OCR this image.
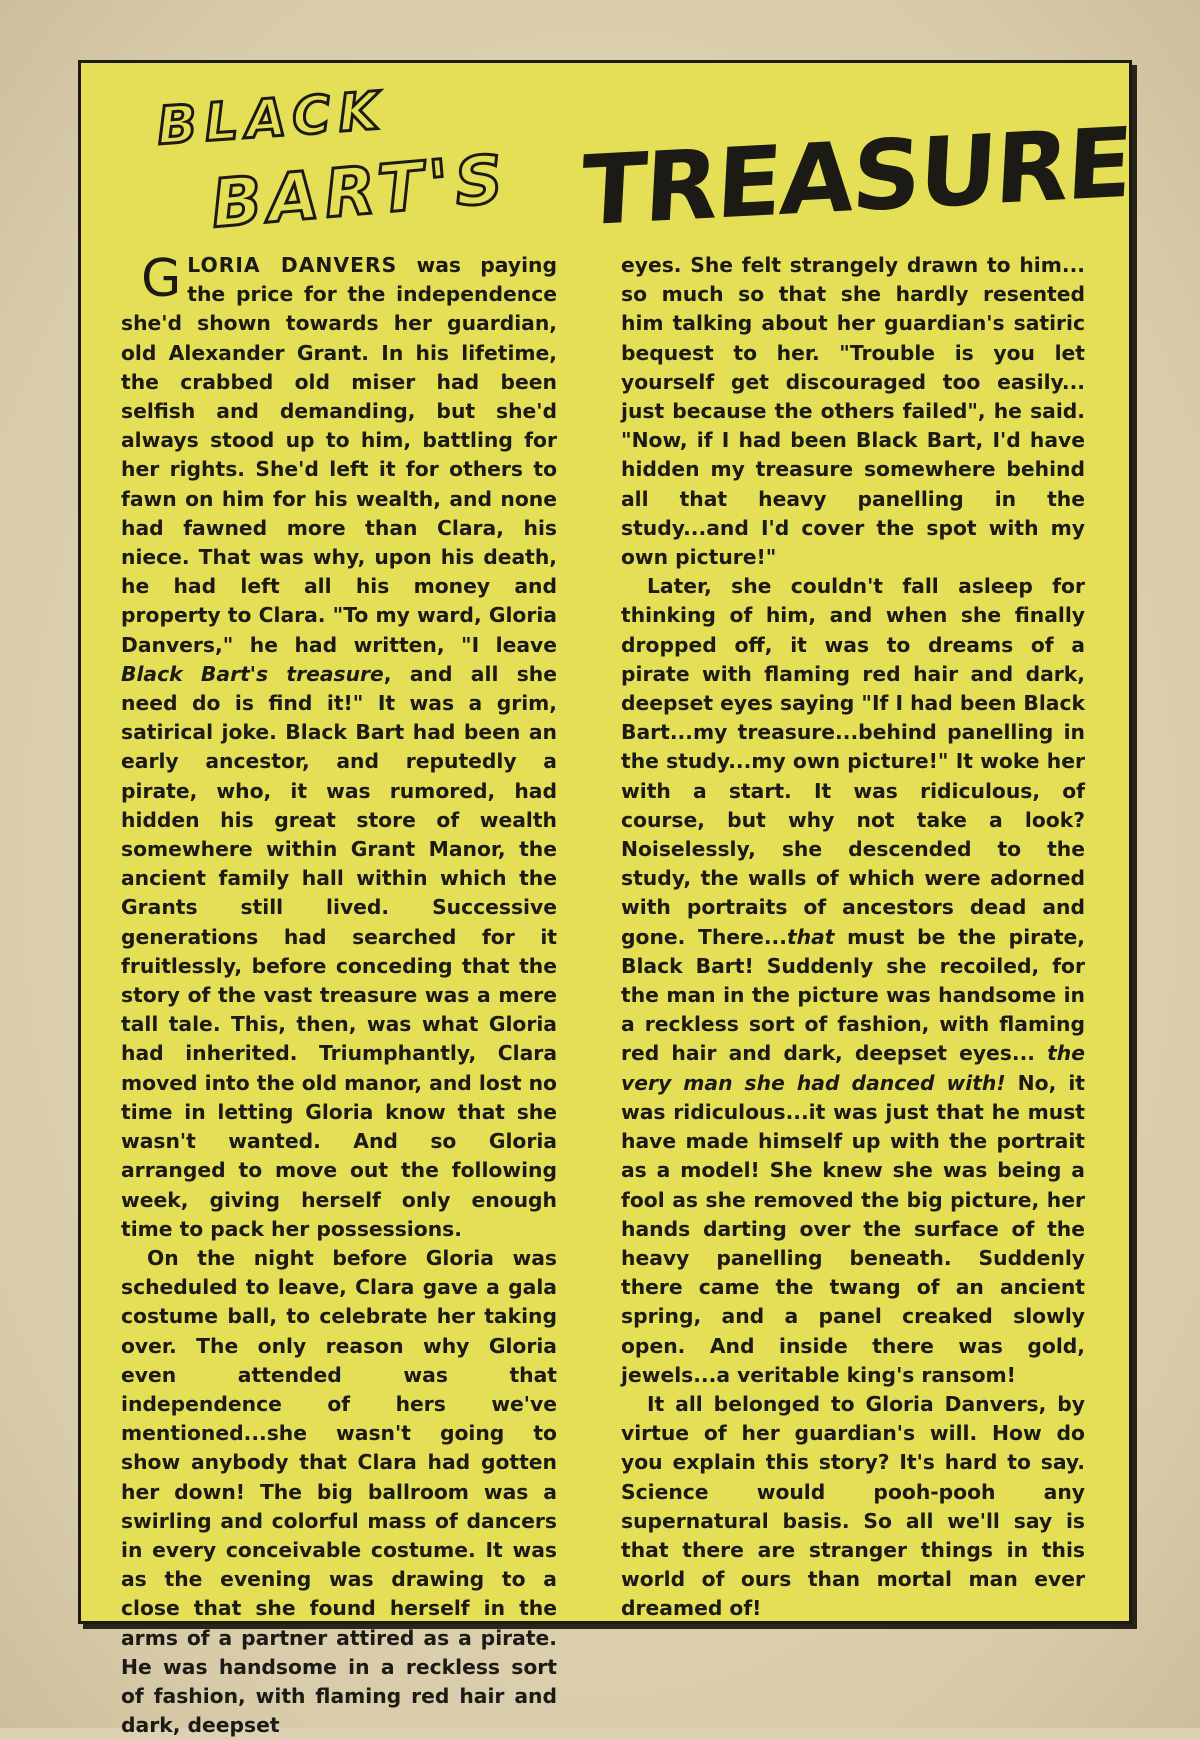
BLACK
BART'S TREASURE

GLORIA DANVERS was paying the price for the independence she'd shown towards her guardian, old Alexander Grant. In his lifetime, the crabbed old miser had been selfish and demanding, but she'd always stood up to him, battling for her rights. She'd left it for others to fawn on him for his wealth, and none had fawned more than Clara, his niece. That was why, upon his death, he had left all his money and property to Clara. "To my ward, Gloria Danvers," he had written, "I leave Black Bart's treasure, and all she need do is find it!" It was a grim, satirical joke. Black Bart had been an early ancestor, and reputedly a pirate, who, it was rumored, had hidden his great store of wealth somewhere within Grant Manor, the ancient family hall within which the Grants still lived. Successive generations had searched for it fruitlessly, before conceding that the story of the vast treasure was a mere tall tale. This, then, was what Gloria had inherited. Triumphantly, Clara moved into the old manor, and lost no time in letting Gloria know that she wasn't wanted. And so Gloria arranged to move out the following week, giving herself only enough time to pack her possessions.

On the night before Gloria was scheduled to leave, Clara gave a gala costume ball, to celebrate her taking over. The only reason why Gloria even attended was that independence of hers we've mentioned...she wasn't going to show anybody that Clara had gotten her down! The big ballroom was a swirling and colorful mass of dancers in every conceivable costume. It was as the evening was drawing to a close that she found herself in the arms of a partner attired as a pirate. He was handsome in a reckless sort of fashion, with flaming red hair and dark, deepset

eyes. She felt strangely drawn to him... so much so that she hardly resented him talking about her guardian's satiric bequest to her. "Trouble is you let yourself get discouraged too easily... just because the others failed", he said. "Now, if I had been Black Bart, I'd have hidden my treasure somewhere behind all that heavy panelling in the study...and I'd cover the spot with my own picture!"

Later, she couldn't fall asleep for thinking of him, and when she finally dropped off, it was to dreams of a pirate with flaming red hair and dark, deepset eyes saying "If I had been Black Bart...my treasure...behind panelling in the study...my own picture!" It woke her with a start. It was ridiculous, of course, but why not take a look? Noiselessly, she descended to the study, the walls of which were adorned with portraits of ancestors dead and gone. There...that must be the pirate, Black Bart! Suddenly she recoiled, for the man in the picture was handsome in a reckless sort of fashion, with flaming red hair and dark, deepset eyes... the very man she had danced with! No, it was ridiculous...it was just that he must have made himself up with the portrait as a model! She knew she was being a fool as she removed the big picture, her hands darting over the surface of the heavy panelling beneath. Suddenly there came the twang of an ancient spring, and a panel creaked slowly open. And inside there was gold, jewels...a veritable king's ransom!

It all belonged to Gloria Danvers, by virtue of her guardian's will. How do you explain this story? It's hard to say. Science would pooh-pooh any supernatural basis. So all we'll say is that there are stranger things in this world of ours than mortal man ever dreamed of!
